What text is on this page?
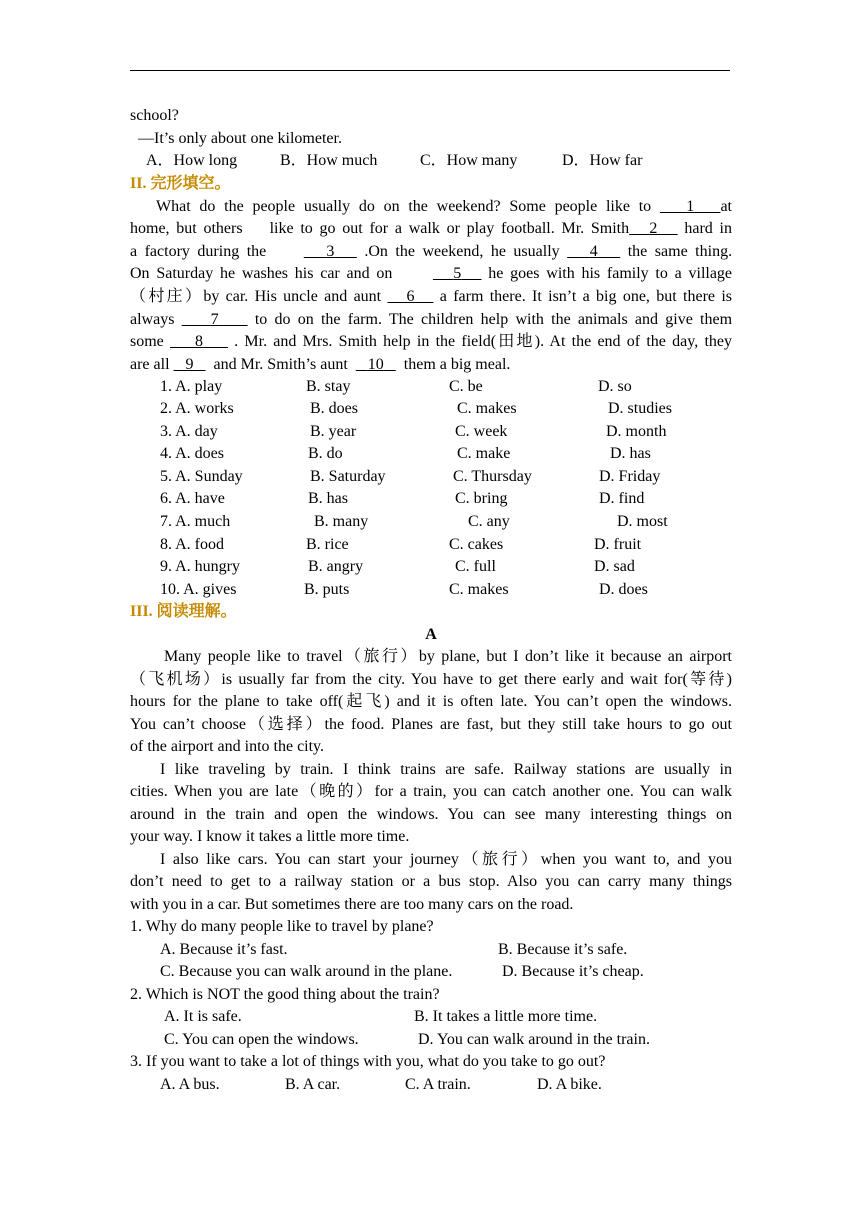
school?
—It’s only about one kilometer.
A．How long	B．How much	C．How many	D．How far
II. 完形填空。
What do the people usually do on the weekend? Some people like to    1 at
home, but others    like to go out for a walk or play football. Mr. Smith 2    hard in
a factory during the        3    .On the weekend, he usually    4    the same thing.
On Saturday he washes his car and on         5    he goes with his family to a village
（村庄）by car. His uncle and aunt    6    a farm there. It isn’t a big one, but there is
always     7     to do on the farm. The children help with the animals and give them
some     8     . Mr. and Mrs. Smith help in the field(田地). At the end of the day, they
are all    9     and Mr. Smith’s aunt     10     them a big meal.
1. A. play	B. stay	C. be	D. so
2. A. works	B. does	C. makes	D. studies
3. A. day	B. year	C. week	D. month
4. A. does	B. do	C. make	D. has
5. A. Sunday	B. Saturday	C. Thursday	D. Friday
6. A. have	B. has	C. bring	D. find
7. A. much	B. many	C. any	D. most
8. A. food	B. rice	C. cakes	D. fruit
9. A. hungry	B. angry	C. full	D. sad
10. A. gives	B. puts	C. makes	D. does
III. 阅读理解。
A
Many people like to travel（旅行）by plane, but I don’t like it because an airport
（飞机场）is usually far from the city. You have to get there early and wait for(等待)
hours for the plane to take off(起飞) and it is often late. You can’t open the windows.
You can’t choose（选择）the food. Planes are fast, but they still take hours to go out
of the airport and into the city.
I like traveling by train. I think trains are safe. Railway stations are usually in
cities. When you are late（晚的）for a train, you can catch another one. You can walk
around in the train and open the windows. You can see many interesting things on
your way. I know it takes a little more time.
I also like cars. You can start your journey（旅行）when you want to, and you
don’t need to get to a railway station or a bus stop. Also you can carry many things
with you in a car. But sometimes there are too many cars on the road.
1. Why do many people like to travel by plane?
A. Because it’s fast.	B. Because it’s safe.
C. Because you can walk around in the plane.	D. Because it’s cheap.
2. Which is NOT the good thing about the train?
A. It is safe.	B. It takes a little more time.
C. You can open the windows.	D. You can walk around in the train.
3. If you want to take a lot of things with you, what do you take to go out?
A. A bus.	B. A car.	C. A train.	D. A bike.
